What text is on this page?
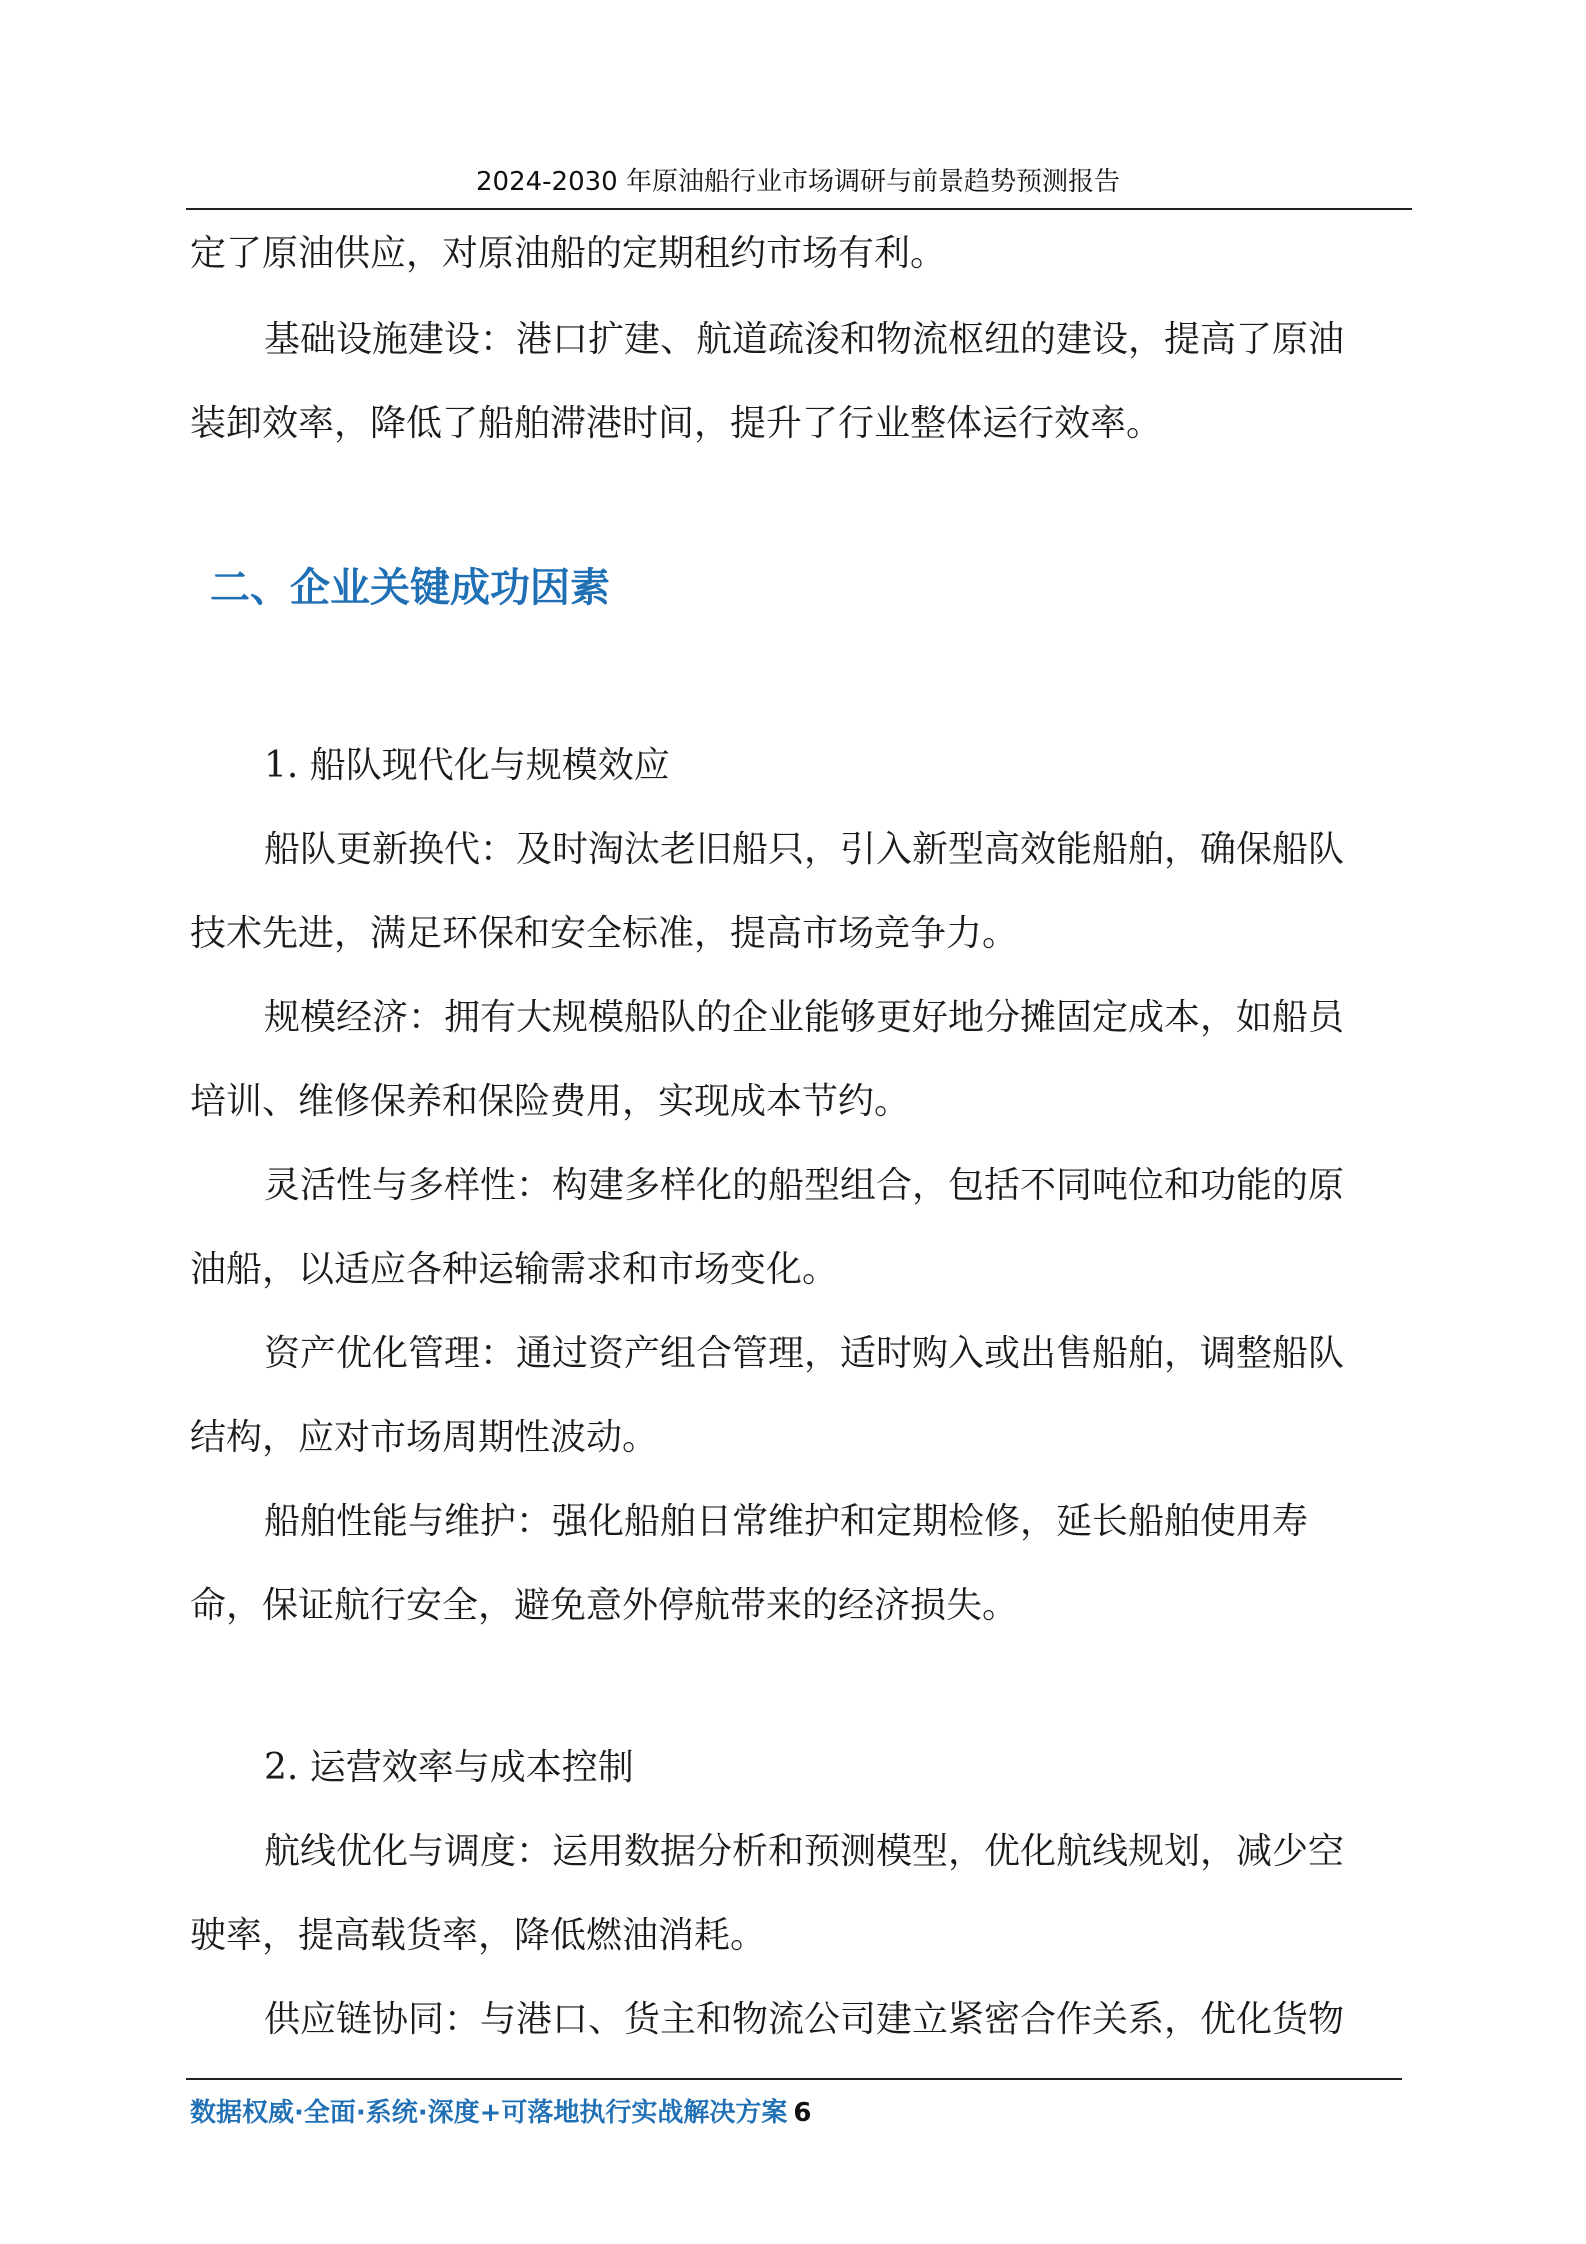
2024-2030 年原油船行业市场调研与前景趋势预测报告
定了原油供应，对原油船的定期租约市场有利。
基础设施建设：港口扩建、航道疏浚和物流枢纽的建设，提高了原油
装卸效率，降低了船舶滞港时间，提升了行业整体运行效率。
二、企业关键成功因素
1. 船队现代化与规模效应
船队更新换代：及时淘汰老旧船只，引入新型高效能船舶，确保船队
技术先进，满足环保和安全标准，提高市场竞争力。
规模经济：拥有大规模船队的企业能够更好地分摊固定成本，如船员
培训、维修保养和保险费用，实现成本节约。
灵活性与多样性：构建多样化的船型组合，包括不同吨位和功能的原
油船，以适应各种运输需求和市场变化。
资产优化管理：通过资产组合管理，适时购入或出售船舶，调整船队
结构，应对市场周期性波动。
船舶性能与维护：强化船舶日常维护和定期检修，延长船舶使用寿
命，保证航行安全，避免意外停航带来的经济损失。
2. 运营效率与成本控制
航线优化与调度：运用数据分析和预测模型，优化航线规划，减少空
驶率，提高载货率，降低燃油消耗。
供应链协同：与港口、货主和物流公司建立紧密合作关系，优化货物
数据权威·全面·系统·深度+可落地执行实战解决方案 6
